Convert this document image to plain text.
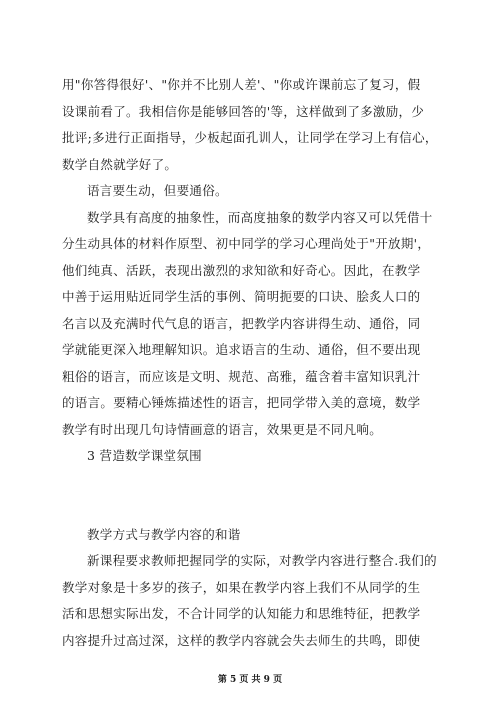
用"你答得很好'、"你并不比别人差'、"你或许课前忘了复习，假

设课前看了。我相信你是能够回答的'等，这样做到了多激励，少

批评;多进行正面指导，少板起面孔训人，让同学在学习上有信心，

数学自然就学好了。

语言要生动，但要通俗。

数学具有高度的抽象性，而高度抽象的数学内容又可以凭借十

分生动具体的材料作原型、初中同学的学习心理尚处于"开放期'，

他们纯真、活跃，表现出激烈的求知欲和好奇心。因此，在教学

中善于运用贴近同学生活的事例、简明扼要的口诀、脍炙人口的

名言以及充满时代气息的语言，把教学内容讲得生动、通俗，同

学就能更深入地理解知识。追求语言的生动、通俗，但不要出现

粗俗的语言，而应该是文明、规范、高雅，蕴含着丰富知识乳汁

的语言。要精心锤炼描述性的语言，把同学带入美的意境，数学

教学有时出现几句诗情画意的语言，效果更是不同凡响。

3 营造数学课堂氛围

教学方式与教学内容的和谐

新课程要求教师把握同学的实际，对教学内容进行整合.我们的

教学对象是十多岁的孩子，如果在教学内容上我们不从同学的生

活和思想实际出发，不合计同学的认知能力和思维特征，把教学

内容提升过高过深，这样的教学内容就会失去师生的共鸣，即使

第 5 页 共 9 页
